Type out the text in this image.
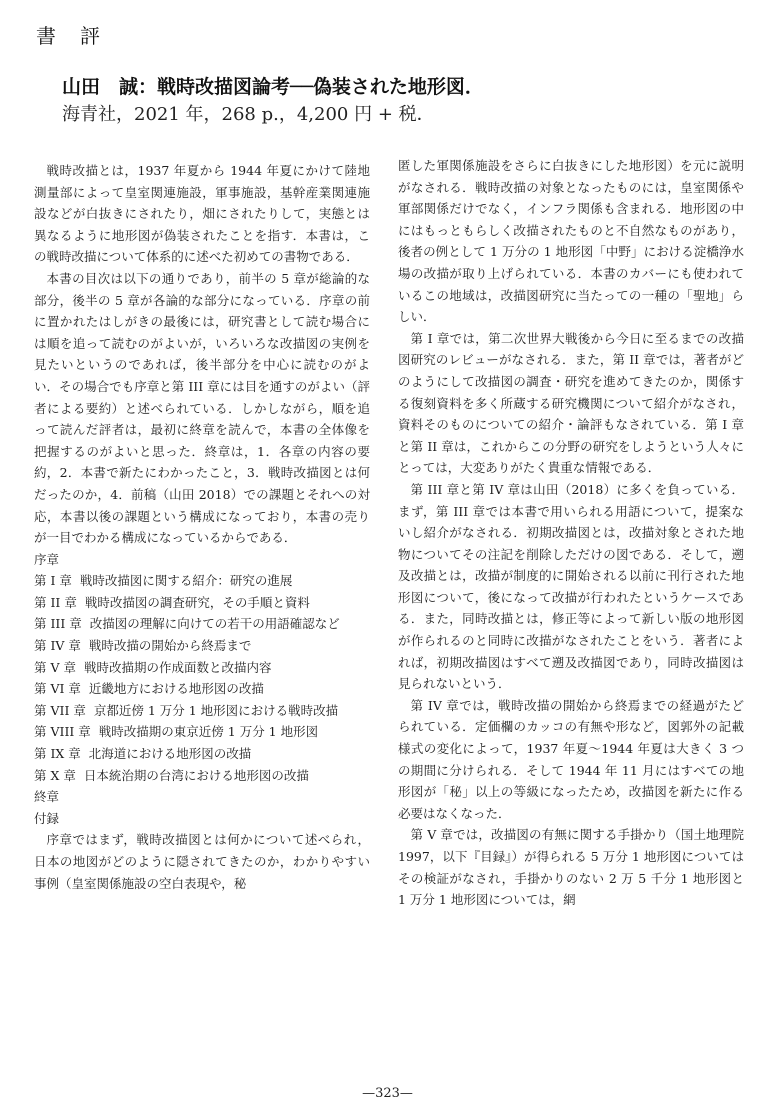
書評
山田　誠：戦時改描図論考──偽装された地形図．
海青社，2021 年，268 p.，4,200 円 + 税．

戦時改描とは，1937 年夏から 1944 年夏にかけて陸地測量部によって皇室関連施設，軍事施設，基幹産業関連施設などが白抜きにされたり，畑にされたりして，実態とは異なるように地形図が偽装されたことを指す．本書は，この戦時改描について体系的に述べた初めての書物である．

本書の目次は以下の通りであり，前半の 5 章が総論的な部分，後半の 5 章が各論的な部分になっている．序章の前に置かれたはしがきの最後には，研究書として読む場合には順を追って読むのがよいが，いろいろな改描図の実例を見たいというのであれば，後半部分を中心に読むのがよい．その場合でも序章と第 III 章には目を通すのがよい（評者による要約）と述べられている．しかしながら，順を追って読んだ評者は，最初に終章を読んで，本書の全体像を把握するのがよいと思った．終章は，1．各章の内容の要約，2．本書で新たにわかったこと，3．戦時改描図とは何だったのか，4．前稿（山田 2018）での課題とそれへの対応，本書以後の課題という構成になっており，本書の売りが一目でわかる構成になっているからである．

序章
第 I 章 戦時改描図に関する紹介：研究の進展
第 II 章 戦時改描図の調査研究，その手順と資料
第 III 章 改描図の理解に向けての若干の用語確認など
第 IV 章 戦時改描の開始から終焉まで
第 V 章 戦時改描期の作成面数と改描内容
第 VI 章 近畿地方における地形図の改描
第 VII 章 京都近傍 1 万分 1 地形図における戦時改描
第 VIII 章 戦時改描期の東京近傍 1 万分 1 地形図
第 IX 章 北海道における地形図の改描
第 X 章 日本統治期の台湾における地形図の改描
終章
付録

序章ではまず，戦時改描図とは何かについて述べられ，日本の地図がどのように隠されてきたのか，わかりやすい事例（皇室関係施設の空白表現や，秘

匿した軍関係施設をさらに白抜きにした地形図）を元に説明がなされる．戦時改描の対象となったものには，皇室関係や軍部関係だけでなく，インフラ関係も含まれる．地形図の中にはもっともらしく改描されたものと不自然なものがあり，後者の例として 1 万分の 1 地形図「中野」における淀橋浄水場の改描が取り上げられている．本書のカバーにも使われているこの地域は，改描図研究に当たっての一種の「聖地」らしい．

第 I 章では，第二次世界大戦後から今日に至るまでの改描図研究のレビューがなされる．また，第 II 章では，著者がどのようにして改描図の調査・研究を進めてきたのか，関係する復刻資料を多く所蔵する研究機関について紹介がなされ，資料そのものについての紹介・論評もなされている．第 I 章と第 II 章は，これからこの分野の研究をしようという人々にとっては，大変ありがたく貴重な情報である．

第 III 章と第 IV 章は山田（2018）に多くを負っている．まず，第 III 章では本書で用いられる用語について，提案ないし紹介がなされる．初期改描図とは，改描対象とされた地物についてその注記を削除しただけの図である．そして，遡及改描とは，改描が制度的に開始される以前に刊行された地形図について，後になって改描が行われたというケースである．また，同時改描とは，修正等によって新しい版の地形図が作られるのと同時に改描がなされたことをいう．著者によれば，初期改描図はすべて遡及改描図であり，同時改描図は見られないという．

第 IV 章では，戦時改描の開始から終焉までの経過がたどられている．定価欄のカッコの有無や形など，図郭外の記載様式の変化によって，1937 年夏～1944 年夏は大きく 3 つの期間に分けられる．そして 1944 年 11 月にはすべての地形図が「秘」以上の等級になったため，改描図を新たに作る必要はなくなった．

第 V 章では，改描図の有無に関する手掛かり（国土地理院 1997，以下『目録』）が得られる 5 万分 1 地形図についてはその検証がなされ，手掛かりのない 2 万 5 千分 1 地形図と 1 万分 1 地形図については，網

—323—
